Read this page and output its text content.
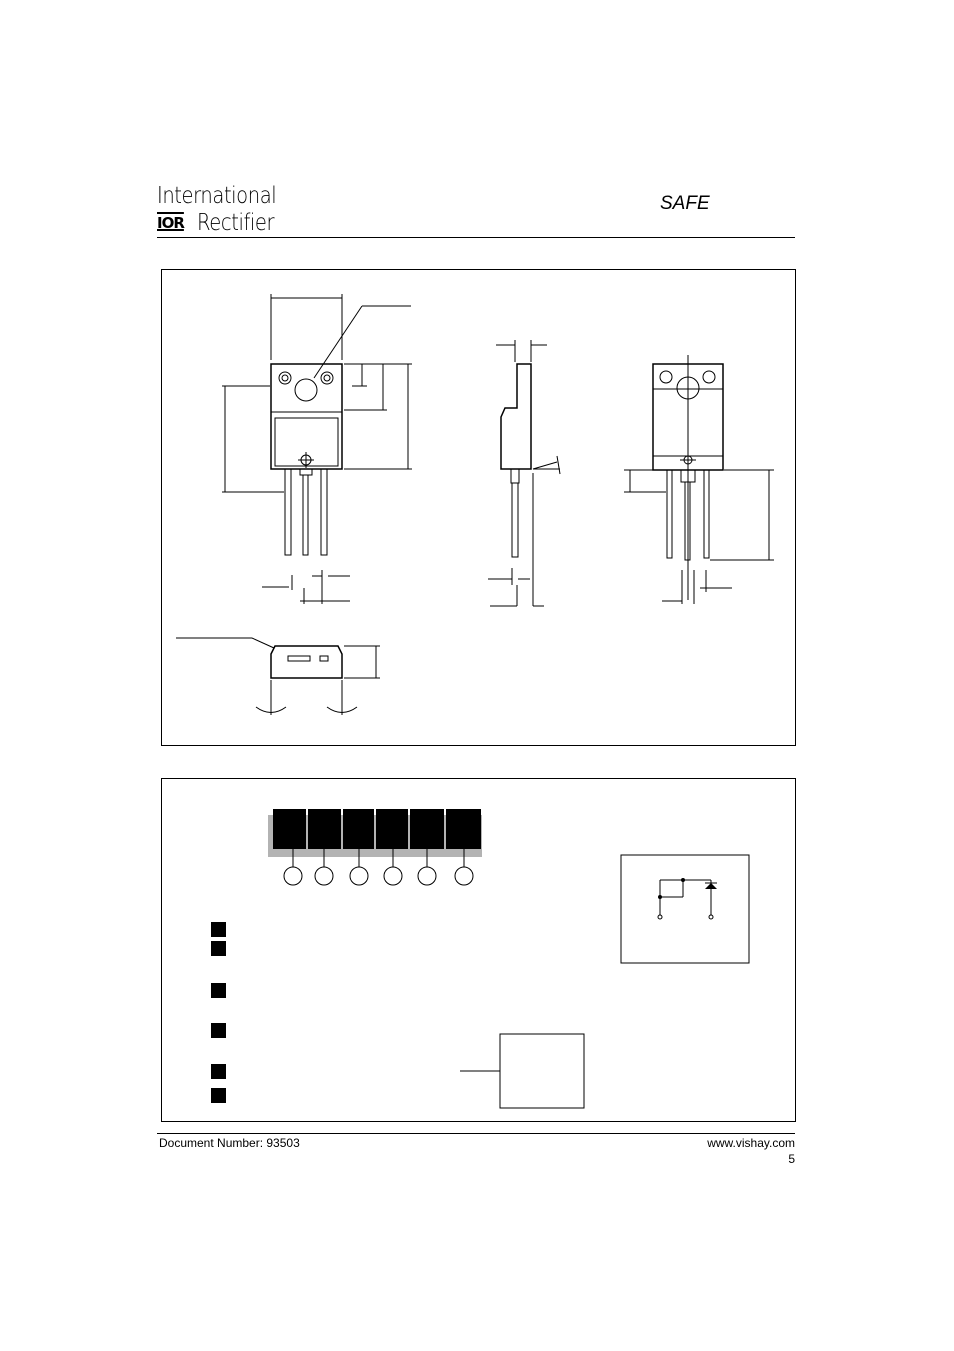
International
IOR Rectifier
SAFE
Document Number: 93503	www.vishay.com
5
